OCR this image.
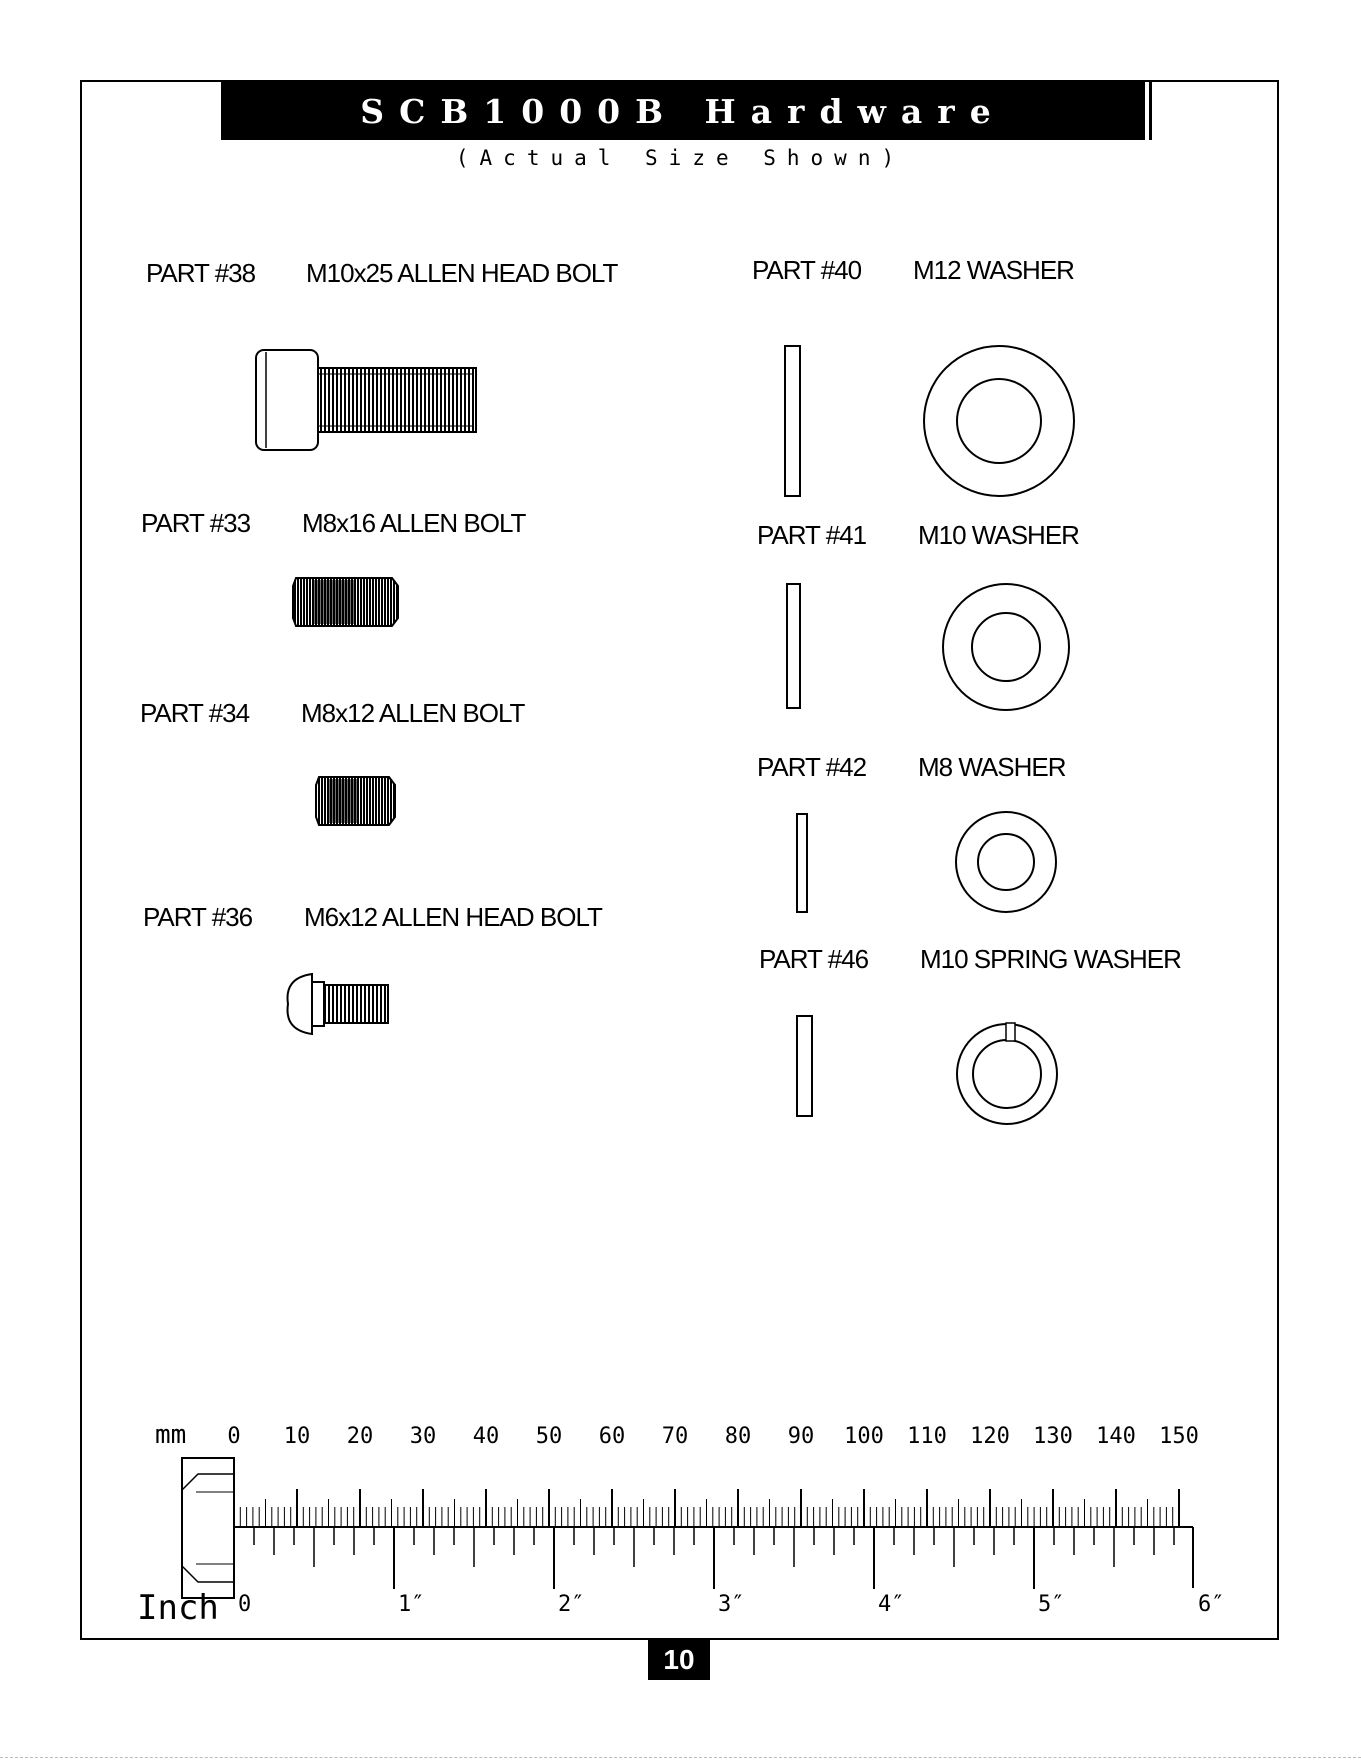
SCB1000B Hardware
(Actual Size Shown)
PART #38 M10x25 ALLEN HEAD BOLT
PART #33 M8x16 ALLEN BOLT
PART #34 M8x12 ALLEN BOLT
PART #36 M6x12 ALLEN HEAD BOLT
PART #40 M12 WASHER
PART #41 M10 WASHER
PART #42 M8 WASHER
PART #46 M10 SPRING WASHER
mm
Inch
0	10	20	30	40	50	60	70	80	90	100	110	120	130	140	150
0	1″	2″	3″	4″	5″	6″
10
